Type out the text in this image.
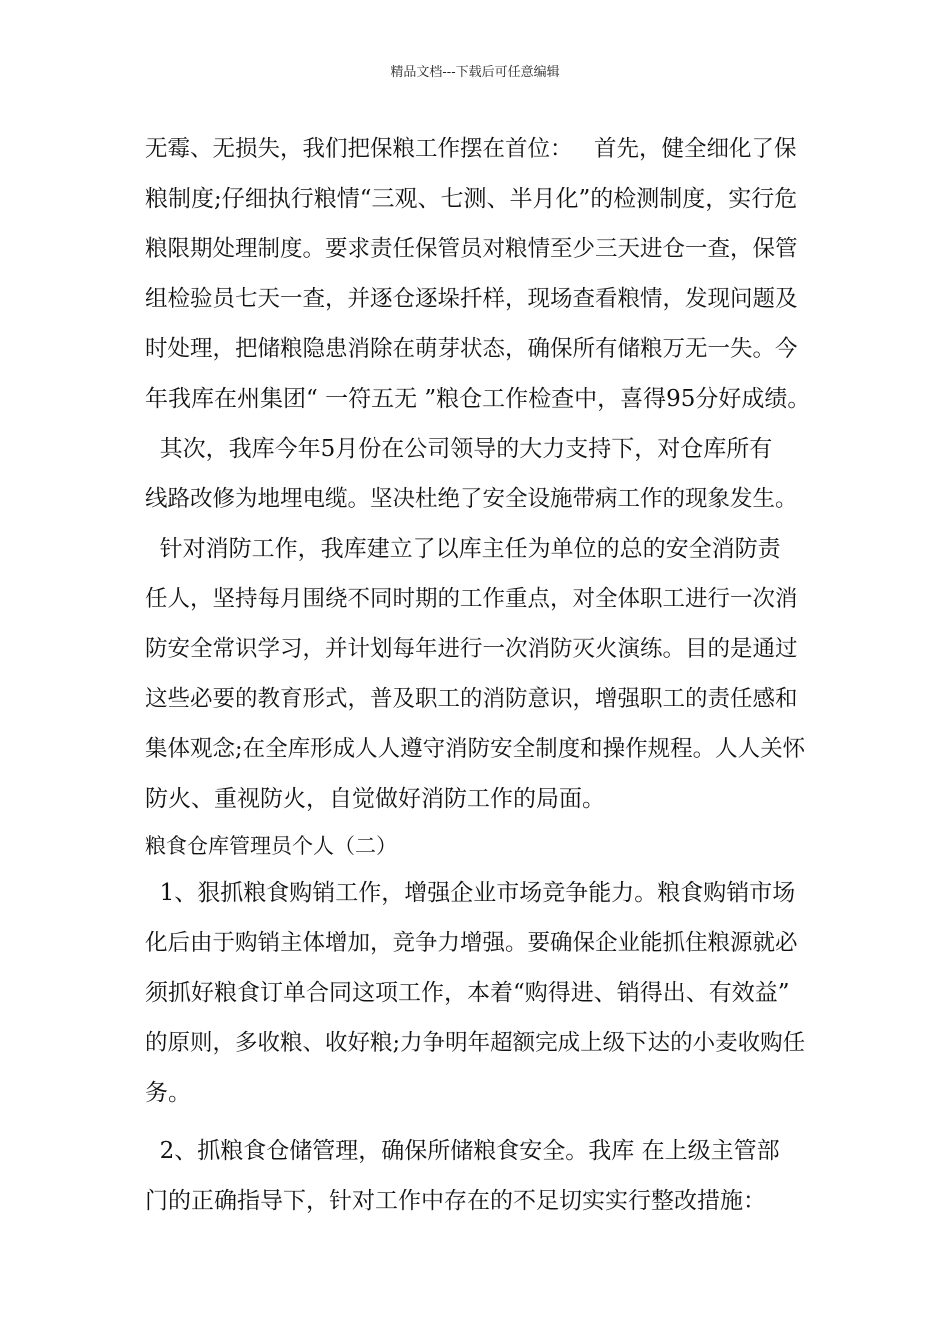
精品文档---下载后可任意编辑
无霉、无损失，我们把保粮工作摆在首位：   首先，健全细化了保
粮制度;仔细执行粮情“三观、七测、半月化”的检测制度，实行危
粮限期处理制度。要求责任保管员对粮情至少三天进仓一查，保管
组检验员七天一查，并逐仓逐垛扦样，现场查看粮情，发现问题及
时处理，把储粮隐患消除在萌芽状态，确保所有储粮万无一失。今
年我库在州集团“ 一符五无 ”粮仓工作检查中，喜得95分好成绩。
其次，我库今年5月份在公司领导的大力支持下，对仓库所有
线路改修为地埋电缆。坚决杜绝了安全设施带病工作的现象发生。
针对消防工作，我库建立了以库主任为单位的总的安全消防责
任人，坚持每月围绕不同时期的工作重点，对全体职工进行一次消
防安全常识学习，并计划每年进行一次消防灭火演练。目的是通过
这些必要的教育形式，普及职工的消防意识，增强职工的责任感和
集体观念;在全库形成人人遵守消防安全制度和操作规程。人人关怀
防火、重视防火，自觉做好消防工作的局面。
粮食仓库管理员个人（二）
1、狠抓粮食购销工作，增强企业市场竞争能力。粮食购销市场
化后由于购销主体增加，竞争力增强。要确保企业能抓住粮源就必
须抓好粮食订单合同这项工作，本着“购得进、销得出、有效益”
的原则，多收粮、收好粮;力争明年超额完成上级下达的小麦收购任
务。
2、抓粮食仓储管理，确保所储粮食安全。我库 在上级主管部
门的正确指导下，针对工作中存在的不足切实实行整改措施：
